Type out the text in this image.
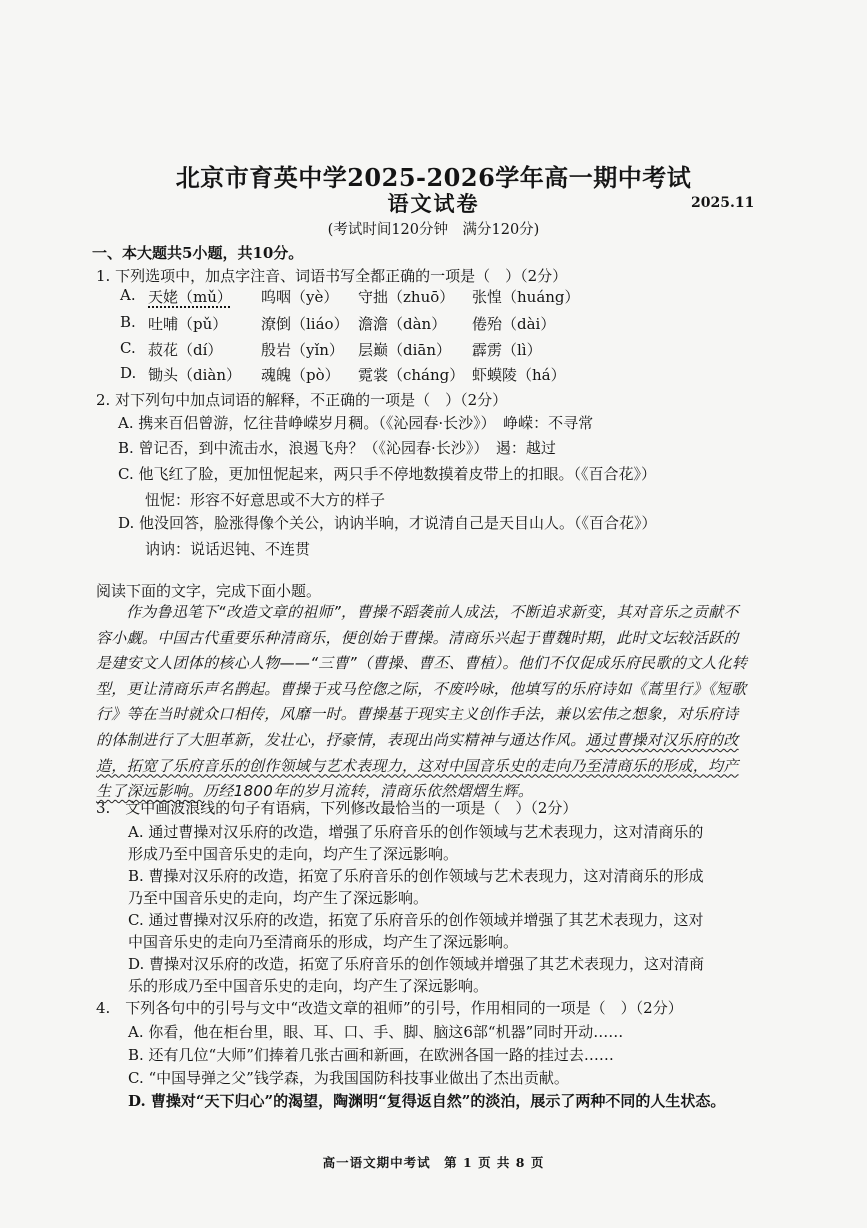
北京市育英中学2025-2026学年高一期中考试
语文试卷	2025.11
(考试时间120分钟　满分120分)
一、本大题共5小题，共10分。
1. 下列选项中，加点字注音、词语书写全都正确的一项是（　）（2分）
A. 天姥（mǔ） 呜咽（yè） 守拙（zhuō） 张惶（huáng）
B. 吐哺（pǔ） 潦倒（liáo） 澹澹（dàn） 倦殆（dài）
C. 菽花（dí）	殷岩（yǐn） 层巅（diān） 霹雳（lì）
D. 锄头（diàn） 魂魄（pò） 霓裳（cháng） 虾蟆陵（há）
2. 对下列句中加点词语的解释，不正确的一项是（　）（2分）
A. 携来百侣曾游，忆往昔峥嵘岁月稠。（《沁园春·长沙》）　峥嵘：不寻常
B. 曾记否，到中流击水，浪遏飞舟？（《沁园春·长沙》）　遏：越过
C. 他飞红了脸，更加忸怩起来，两只手不停地数摸着皮带上的扣眼。（《百合花》）
忸怩：形容不好意思或不大方的样子
D. 他没回答，脸涨得像个关公，讷讷半晌，才说清自己是天目山人。（《百合花》）
讷讷：说话迟钝、不连贯
阅读下面的文字，完成下面小题。

作为鲁迅笔下“改造文章的祖师”，曹操不蹈袭前人成法，不断追求新变，其对音乐之贡献不容小觑。中国古代重要乐种清商乐，便创始于曹操。清商乐兴起于曹魏时期，此时文坛较活跃的是建安文人团体的核心人物——“三曹”（曹操、曹丕、曹植）。他们不仅促成乐府民歌的文人化转型，更让清商乐声名鹊起。曹操于戎马倥偬之际，不废吟咏，他填写的乐府诗如《蒿里行》《短歌行》等在当时就众口相传，风靡一时。曹操基于现实主义创作手法，兼以宏伟之想象，对乐府诗的体制进行了大胆革新，发壮心，抒豪情，表现出尚实精神与通达作风。通过曹操对汉乐府的改造，拓宽了乐府音乐的创作领域与艺术表现力，这对中国音乐史的走向乃至清商乐的形成，均产生了深远影响。历经1800年的岁月流转，清商乐依然熠熠生辉。

3.　文中画波浪线的句子有语病，下列修改最恰当的一项是（　）（2分）
A. 通过曹操对汉乐府的改造，增强了乐府音乐的创作领域与艺术表现力，这对清商乐的
形成乃至中国音乐史的走向，均产生了深远影响。
B. 曹操对汉乐府的改造，拓宽了乐府音乐的创作领域与艺术表现力，这对清商乐的形成
乃至中国音乐史的走向，均产生了深远影响。
C. 通过曹操对汉乐府的改造，拓宽了乐府音乐的创作领域并增强了其艺术表现力，这对
中国音乐史的走向乃至清商乐的形成，均产生了深远影响。
D. 曹操对汉乐府的改造，拓宽了乐府音乐的创作领域并增强了其艺术表现力，这对清商
乐的形成乃至中国音乐史的走向，均产生了深远影响。
4.　下列各句中的引号与文中“改造文章的祖师”的引号，作用相同的一项是（　）（2分）
A. 你看，他在柜台里，眼、耳、口、手、脚、脑这6部“机器”同时开动……
B. 还有几位“大师”们捧着几张古画和新画，在欧洲各国一路的挂过去……
C. “中国导弹之父”钱学森，为我国国防科技事业做出了杰出贡献。
D. 曹操对“天下归心”的渴望，陶渊明“复得返自然”的淡泊，展示了两种不同的人生状态。
高一语文期中考试　第 1 页 共 8 页
